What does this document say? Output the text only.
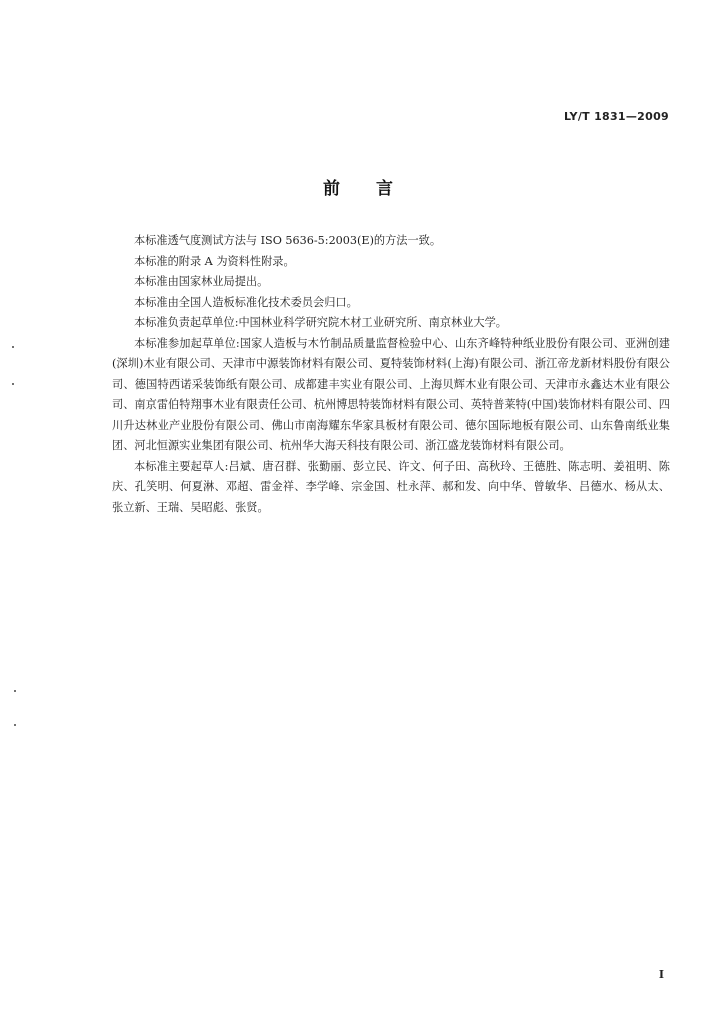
LY/T 1831—2009
前言

本标准透气度测试方法与 ISO 5636-5:2003(E)的方法一致。

本标准的附录 A 为资料性附录。

本标准由国家林业局提出。

本标准由全国人造板标准化技术委员会归口。

本标准负责起草单位:中国林业科学研究院木材工业研究所、南京林业大学。

本标准参加起草单位:国家人造板与木竹制品质量监督检验中心、山东齐峰特种纸业股份有限公司、亚洲创建(深圳)木业有限公司、天津市中源装饰材料有限公司、夏特装饰材料(上海)有限公司、浙江帝龙新材料股份有限公司、德国特西诺采装饰纸有限公司、成都建丰实业有限公司、上海贝辉木业有限公司、天津市永鑫达木业有限公司、南京雷伯特翔事木业有限责任公司、杭州博思特装饰材料有限公司、英特普莱特(中国)装饰材料有限公司、四川升达林业产业股份有限公司、佛山市南海耀东华家具板材有限公司、德尔国际地板有限公司、山东鲁南纸业集团、河北恒源实业集团有限公司、杭州华大海天科技有限公司、浙江盛龙装饰材料有限公司。

本标准主要起草人:吕斌、唐召群、张勤丽、彭立民、许文、何子田、高秋玲、王德胜、陈志明、姜祖明、陈庆、孔笑明、何夏淋、邓超、雷金祥、李学峰、宗金国、杜永萍、郝和发、向中华、曾敏华、吕德水、杨从太、张立新、王瑞、吴昭彪、张贤。

I
